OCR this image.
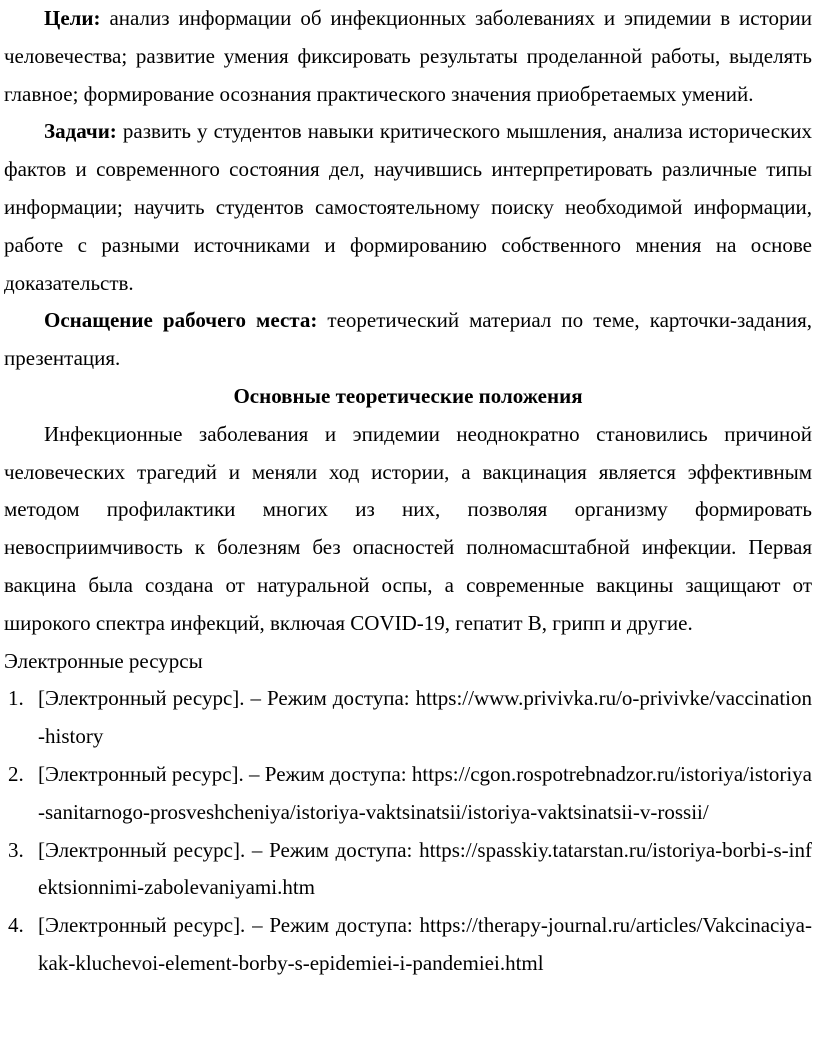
Цели: анализ информации об инфекционных заболеваниях и эпидемии в истории человечества; развитие умения фиксировать результаты проделанной работы, выделять главное; формирование осознания практического значения приобретаемых умений.

Задачи: развить у студентов навыки критического мышления, анализа исторических фактов и современного состояния дел, научившись интерпретировать различные типы информации; научить студентов самостоятельному поиску необходимой информации, работе с разными источниками и формированию собственного мнения на основе доказательств.

Оснащение рабочего места: теоретический материал по теме, карточки-задания, презентация.

Основные теоретические положения

Инфекционные заболевания и эпидемии неоднократно становились причиной человеческих трагедий и меняли ход истории, а вакцинация является эффективным методом профилактики многих из них, позволяя организму формировать невосприимчивость к болезням без опасностей полномасштабной инфекции. Первая вакцина была создана от натуральной оспы, а современные вакцины защищают от широкого спектра инфекций, включая COVID-19, гепатит В, грипп и другие.

Электронные ресурсы

1. [Электронный ресурс]. – Режим доступа: https://www.privivka.ru/o-privivke/vaccination-history
2. [Электронный ресурс]. – Режим доступа: https://cgon.rospotrebnadzor.ru/istoriya/istoriya-sanitarnogo-prosveshcheniya/istoriya-vaktsinatsii/istoriya-vaktsinatsii-v-rossii/
3. [Электронный ресурс]. – Режим доступа: https://spasskiy.tatarstan.ru/istoriya-borbi-s-infektsionnimi-zabolevaniyami.htm
4. [Электронный ресурс]. – Режим доступа: https://therapy-journal.ru/articles/Vakcinaciya-kak-kluchevoi-element-borby-s-epidemiei-i-pandemiei.html
